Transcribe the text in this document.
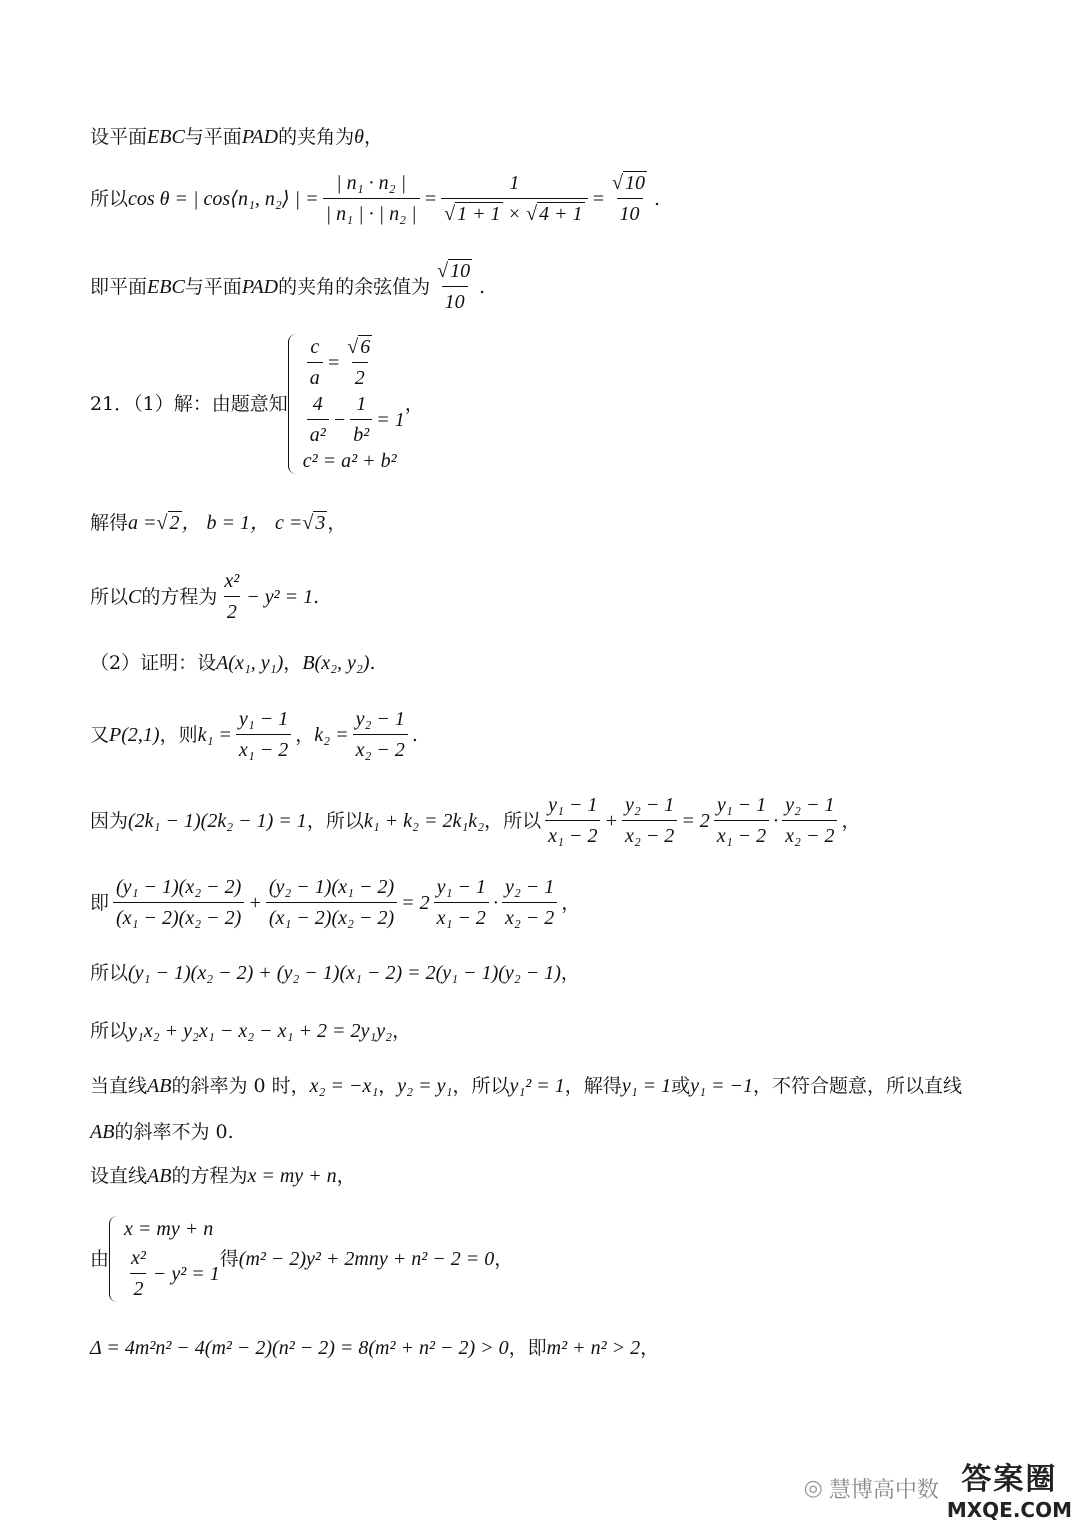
设平面 EBC 与平面 PAD 的夹角为 θ ，
所以 cos θ = | cos⟨n₁, n₂⟩ | = $\frac{\text{| n₁ · n₂ |}}{\text{| n₁ | · | n₂ |}} = \frac{1}{√ 1 + 1 \times √ 4 + 1} = \frac{√ 10}{10}$ .
即平面 EBC 与平面 PAD 的夹角的余弦值为 $\frac{√ 10}{10}$ .
21．（1）解：由题意知
$\frac{c}{a} = \frac{√ 6}{2}$
$\frac{4}{\text{a²}} - \frac{1}{\text{b²}} = 1$
c² = a² + b²
，
解得 a = √ 2 ， b = 1， c = √ 3 ，
所以 C 的方程为 $\frac{\text{x²}}{2} - y^2 = 1$ .
（2）证明：设 A(x₁, y₁) ， B(x₂, y₂) .
又 P(2,1) ，则 $k_1 = \frac{\text{y₁ − 1}}{\text{x₁ − 2}}$ ， $k_2 = \frac{\text{y₂ − 1}}{\text{x₂ − 2}}$ .
因为 (2k₁ − 1)(2k₂ − 1) = 1 ，所以 k₁ + k₂ = 2k₁k₂ ，所以 $\frac{\text{y₁ − 1}}{\text{x₁ − 2}} + \frac{\text{y₂ − 1}}{\text{x₂ − 2}} = 2 \frac{\text{y₁ − 1}}{\text{x₁ − 2}} \cdot \frac{\text{y₂ − 1}}{\text{x₂ − 2}}$ ，
即 $\frac{\text{(y₁ − 1)(x₂ − 2)}}{\text{(x₁ − 2)(x₂ − 2)}} + \frac{\text{(y₂ − 1)(x₁ − 2)}}{\text{(x₁ − 2)(x₂ − 2)}} = 2 \frac{\text{y₁ − 1}}{\text{x₁ − 2}} \cdot \frac{\text{y₂ − 1}}{\text{x₂ − 2}}$ ，
所以 (y₁ − 1)(x₂ − 2) + (y₂ − 1)(x₁ − 2) = 2(y₁ − 1)(y₂ − 1) ，
所以 y₁x₂ + y₂x₁ − x₂ − x₁ + 2 = 2y₁y₂ ，
当直线 AB 的斜率为 0 时， x₂ = −x₁ ， y₂ = y₁ ，所以 y₁² = 1 ，解得 y₁ = 1 或 y₁ = −1 ，不符合题意，所以直线
AB 的斜率不为 0.
设直线 AB 的方程为 x = my + n ，
由
x = my + n
$\frac{\text{x²}}{2} - y^2 = 1$
得 (m² − 2)y² + 2mny + n² − 2 = 0 ，
Δ = 4m²n² − 4(m² − 2)(n² − 2) = 8(m² + n² − 2) > 0 ，即 m² + n² > 2 ，
◎ 慧博高中数 答案圈
MXQE.COM
